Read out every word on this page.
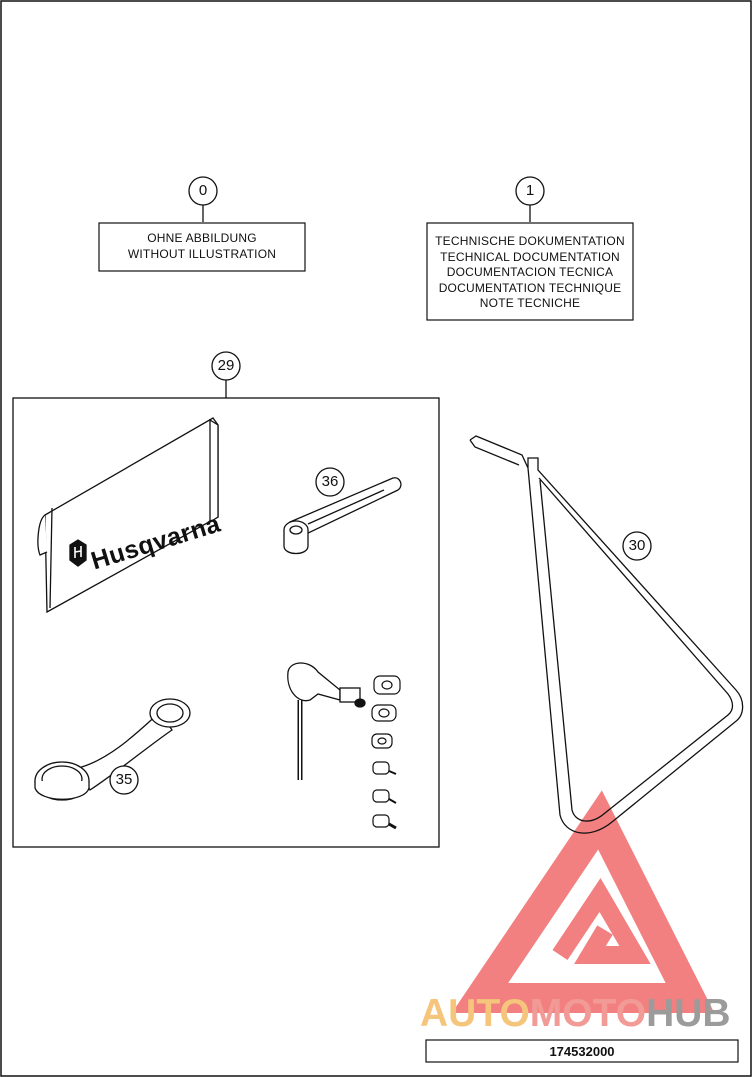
0	1
29
30
35
36
OHNE ABBILDUNG
WITHOUT ILLUSTRATION
TECHNISCHE DOKUMENTATION
TECHNICAL DOCUMENTATION
DOCUMENTACION TECNICA
DOCUMENTATION TECHNIQUE
NOTE TECNICHE
Husqvarna
AUTOMOTOHUB
174532000
